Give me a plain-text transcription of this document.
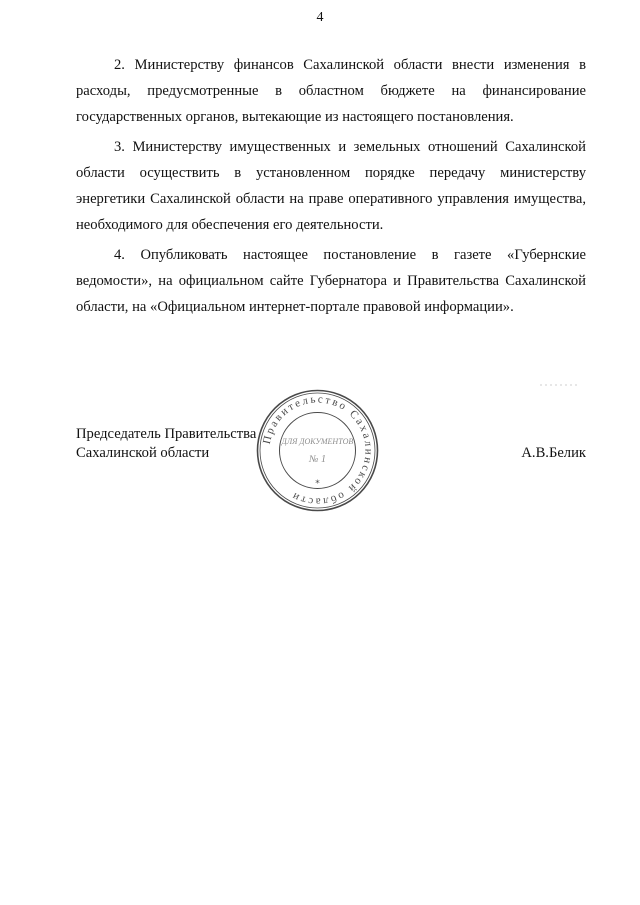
4

2. Министерству финансов Сахалинской области внести изменения в расходы, предусмотренные в областном бюджете на финансирование государственных органов, вытекающие из настоящего постановления.

3. Министерству имущественных и земельных отношений Сахалинской области осуществить в установленном порядке передачу министерству энергетики Сахалинской области на праве оперативного управления имущества, необходимого для обеспечения его деятельности.

4. Опубликовать настоящее постановление в газете «Губернские ведомости», на официальном сайте Губернатора и Правительства Сахалинской области, на «Официальном интернет-портале правовой информации».

Председатель Правительства
Сахалинской области	А.В.Белик
Правительство Сахалинской области
*
ДЛЯ ДОКУМЕНТОВ
№ 1
